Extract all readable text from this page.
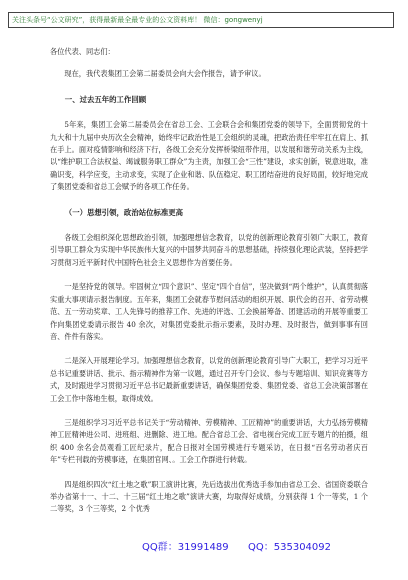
关注头条号“公文研究”，获得最新最全最专业的公文资料库！ 微信：gongwenyj

各位代表、同志们：

现在，我代表集团工会第二届委员会向大会作报告，请予审议。

一、过去五年的工作回顾

5年来，集团工会第二届委员会在省总工会、工会联合会和集团党委的领导下，全面贯彻党的十九大和十九届中央历次全会精神，始终牢记政治性是工会组织的灵魂，把政治责任牢牢扛在肩上、抓在手上。面对疫情影响和经济下行，各级工会充分发挥桥梁纽带作用，以发展和谐劳动关系为主线，以“维护职工合法权益、竭诚服务职工群众”为主责，加强工会“三性”建设，求实创新，锐意进取，准确识变，科学应变，主动求变，实现了企业和谐、队伍稳定、职工团结奋进的良好局面，较好地完成了集团党委和省总工会赋予的各项工作任务。

（一）思想引领，政治站位标准更高

各级工会组织深化思想政治引领，加强理想信念教育，以党的创新理论教育引领广大职工，教育引导职工群众为实现中华民族伟大复兴的中国梦共同奋斗的思想基础，持续强化理论武装，坚持把学习贯彻习近平新时代中国特色社会主义思想作为首要任务。

一是坚持党的领导。牢固树立“四个意识”、坚定“四个自信”，坚决做到“两个维护”，认真贯彻落实重大事项请示报告制度。五年来，集团工会就春节慰问活动的组织开展、职代会的召开、省劳动模范、五一劳动奖章、工人先锋号的推荐工作、先进的评选、工会换届筹备、团建活动的开展等重要工作向集团党委请示报告 40 余次，对集团党委批示指示要素，及时办理、及时报告，做到事事有回音、件件有落实。

二是深入开展理论学习。加强理想信念教育，以党的创新理论教育引导广大职工，把学习习近平总书记重要讲话、批示、指示精神作为第一议题，通过召开专门会议、参与专题培训、知识竞赛等方式，及时跟进学习贯彻习近平总书记最新重要讲话，确保集团党委、集团党委、省总工会决策部署在工会工作中落地生根，取得成效。

三是组织学习习近平总书记关于“劳动精神、劳模精神、工匠精神”的重要讲话，大力弘扬劳模精神工匠精神进公司、进班组、进删除、进工地。配合省总工会、省电视台完成工匠专题片的拍摄，组织 400 余名会员观看工匠纪录片，配合日报对全国劳模进行专题采访，在日报“百名劳动者庆百年”专栏刊载的劳模事迹，在集团官网、。工会工作群进行转载。

四是组织四次“红土地之歌”职工演讲比赛，先后选拔出优秀选手参加由省总工会、省国资委联合举办省第十一、十二、十三届“红土地之歌”演讲大赛，均取得好成绩，分别获得 1 个一等奖，1 个二等奖，3 个三等奖，2 个优秀

QQ群：31991489 QQ：535304092
